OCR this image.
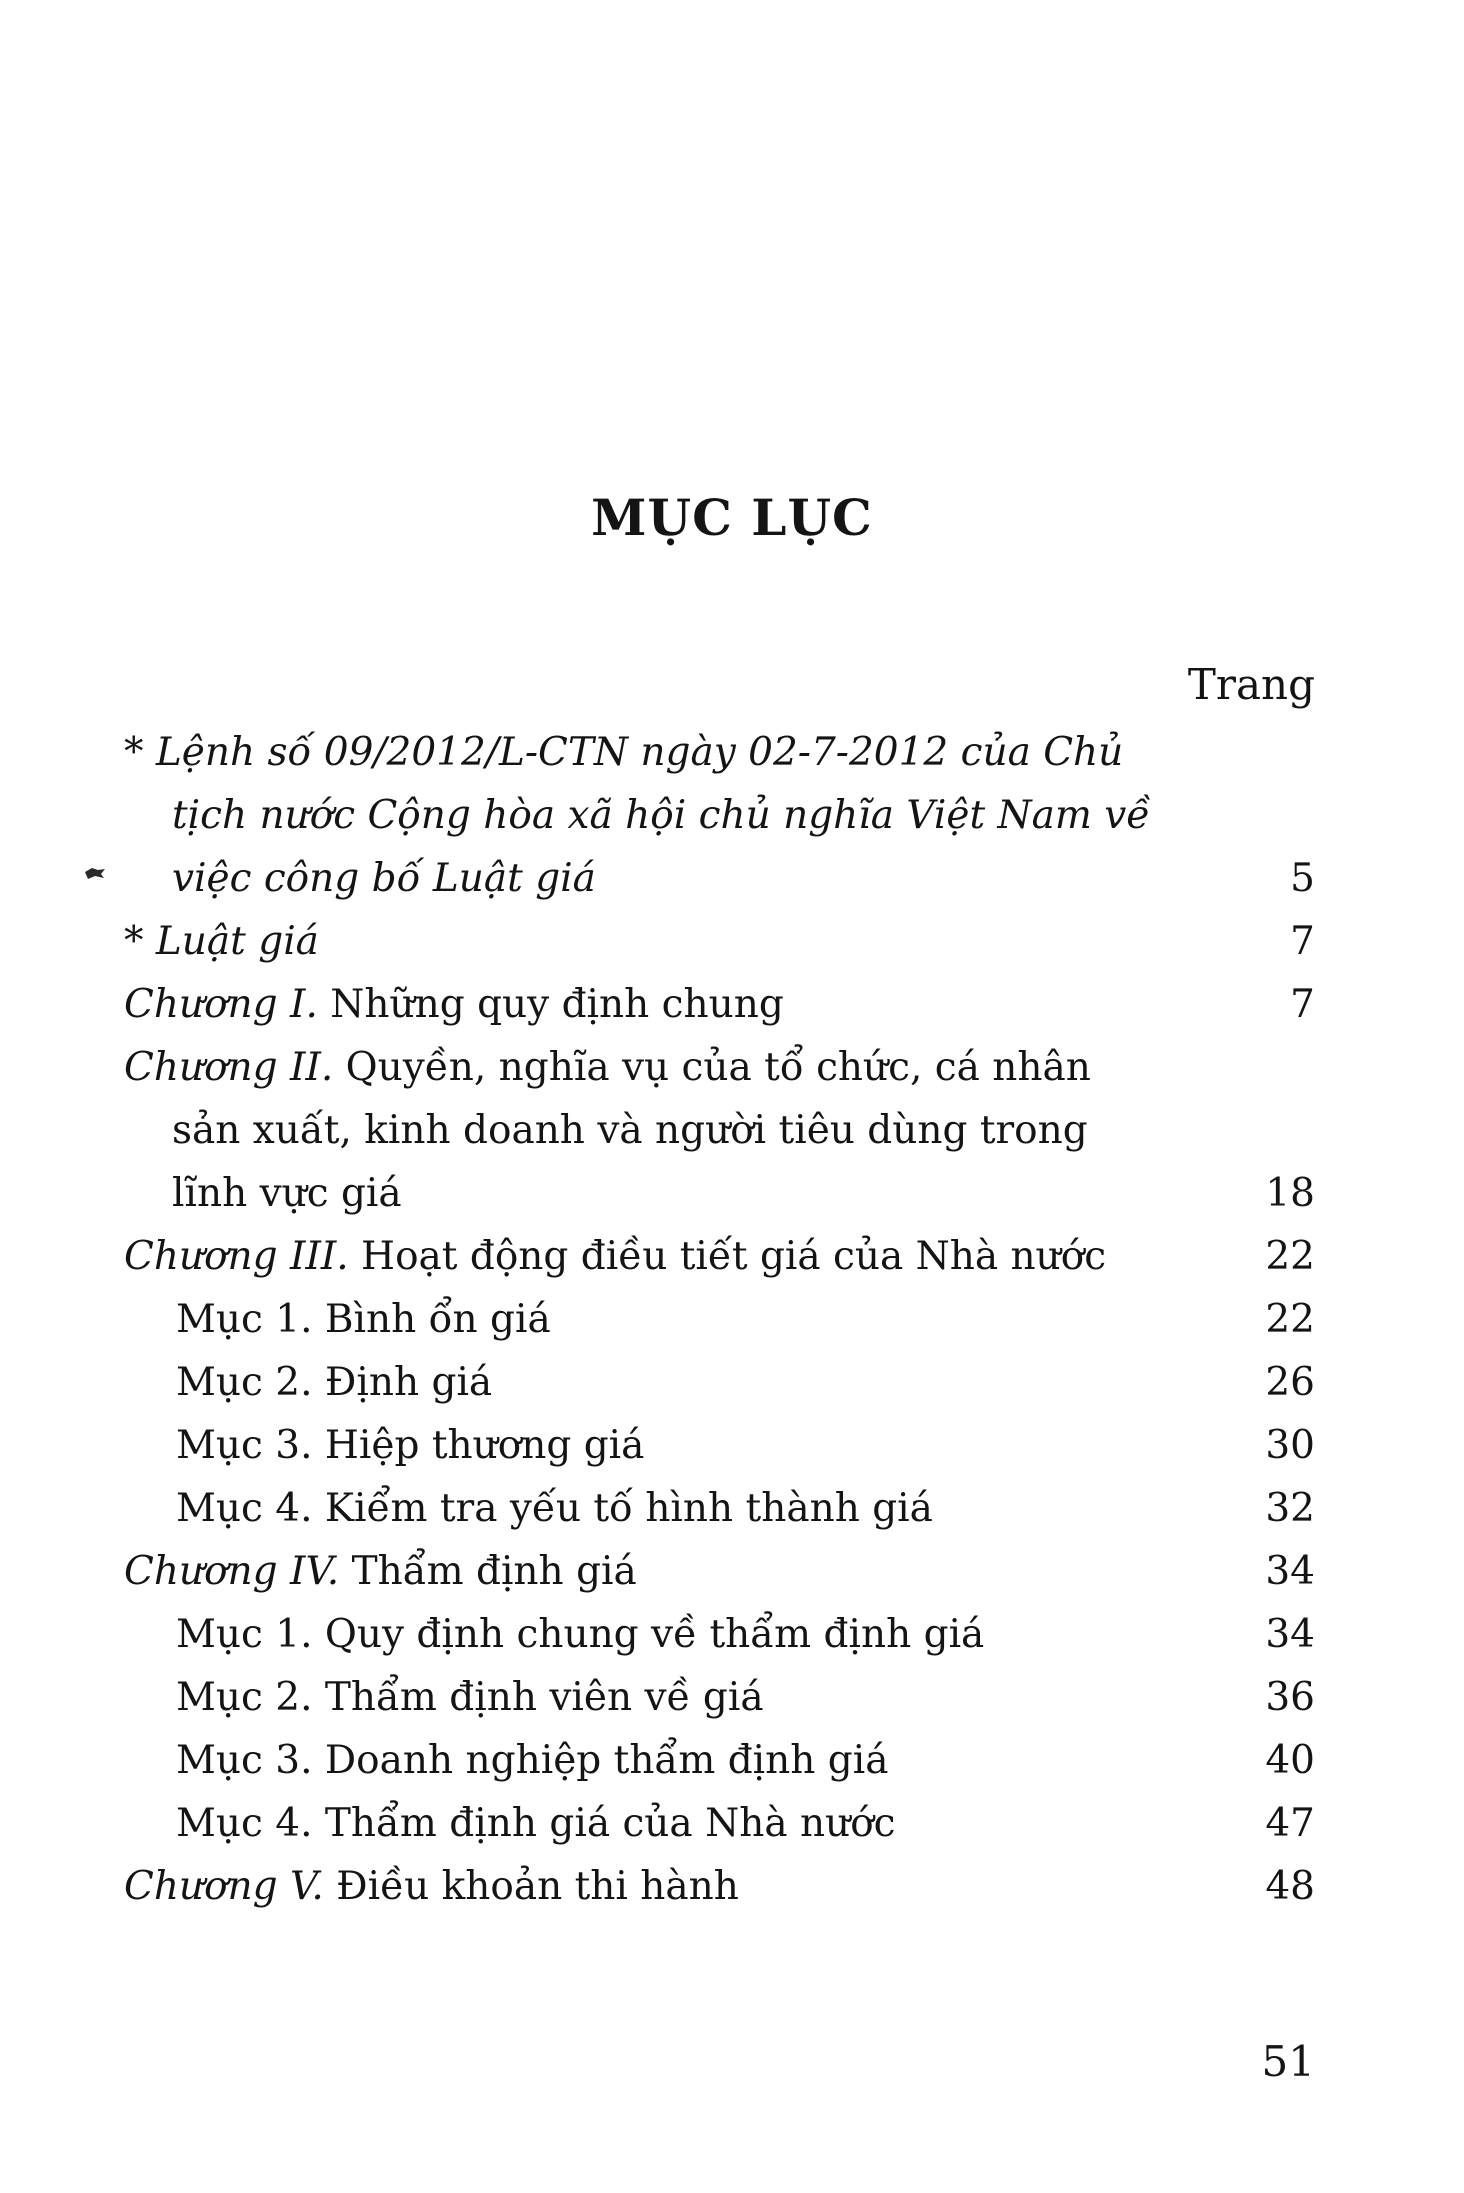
MỤC LỤC
Trang
* Lệnh số 09/2012/L-CTN ngày 02-7-2012 của Chủ
tịch nước Cộng hòa xã hội chủ nghĩa Việt Nam về
việc công bố Luật giá	5
* Luật giá	7
Chương I. Những quy định chung	7
Chương II. Quyền, nghĩa vụ của tổ chức, cá nhân
sản xuất, kinh doanh và người tiêu dùng trong
lĩnh vực giá	18
Chương III. Hoạt động điều tiết giá của Nhà nước	22
Mục 1. Bình ổn giá	22
Mục 2. Định giá	26
Mục 3. Hiệp thương giá	30
Mục 4. Kiểm tra yếu tố hình thành giá	32
Chương IV. Thẩm định giá	34
Mục 1. Quy định chung về thẩm định giá	34
Mục 2. Thẩm định viên về giá	36
Mục 3. Doanh nghiệp thẩm định giá	40
Mục 4. Thẩm định giá của Nhà nước	47
Chương V. Điều khoản thi hành	48
51
